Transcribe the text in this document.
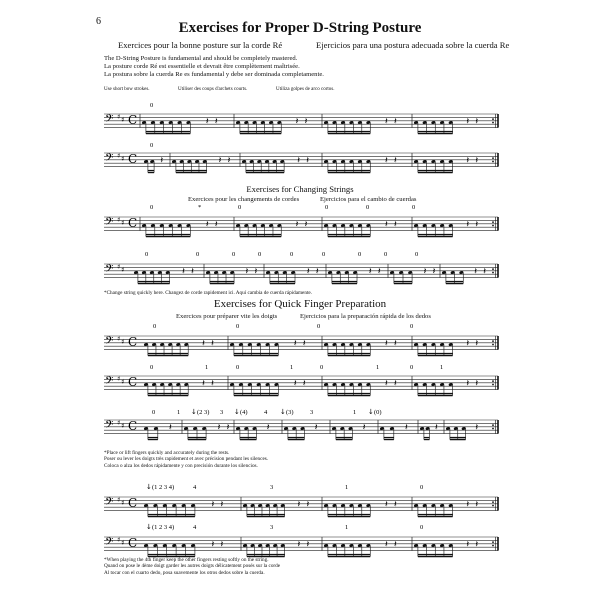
6	Exercises for Proper D-String Posture
Exercices pour la bonne posture sur la corde Ré	Ejercicios para una postura adecuada sobre la cuerda Re
The D-String Posture is fundamental and should be completely mastered.
La posture corde Ré est essentielle et devrait être complètement maîtrisée.
La postura sobre la cuerda Re es fundamental y debe ser dominada completamente.
Use short bow strokes.	Utiliser des coups d'archets courts.	Utiliza golpes de arco cortos.
Exercises for Changing Strings
Exercices pour les changements de cordes	Ejercicios para el cambio de cuerdas
*Change string quickly here. Changez de corde rapidement ici. Aquí cambia de cuerda rápidamente.
Exercises for Quick Finger Preparation
Exercices pour préparer vite les doigts	Ejercicios para la preparación rápida de los dedos
*Place or lift fingers quickly and accurately during the rests.
Poser ou lever les doigts très rapidement et avec précision pendant les silences.
Coloca o alza los dedos rápidamente y con precisión durante los silencios.
*When playing the 4th finger keep the other fingers resting softly on the string.
Quand on pose le 4ème doigt garder les autres doigts délicatement posés sur la corde
Al tocar con el cuarto dedo, posa suavemente los otros dedos sobre la cuerda.
𝄢 ♯ ♯ C	𝄽 𝄽	𝄽 𝄽	𝄽 𝄽	𝄽 𝄽
0
𝄢 ♯ ♯ C	𝄽	𝄽 𝄽	𝄽 𝄽	𝄽 𝄽	𝄽 𝄽
0
𝄢 ♯ ♯ C	𝄽 𝄽	𝄽 𝄽	𝄽 𝄽	𝄽 𝄽
*
0	0	0	0	0
𝄢 ♯ ♯	𝄽 𝄽	𝄽 𝄽	𝄽 𝄽	𝄽 𝄽	𝄽 𝄽	𝄽 𝄽
0	0	0	0	0	0	0	0	0
𝄢 ♯ ♯ C	𝄽 𝄽	𝄽 𝄽	𝄽 𝄽	𝄽 𝄽
0	0	0	0
𝄢 ♯ ♯ C	𝄽 𝄽	𝄽 𝄽	𝄽 𝄽	𝄽 𝄽
0	1	0	1	0	1	0	1
𝄢 ♯ ♯ C	𝄽	𝄽 𝄽	𝄽	𝄽	𝄽	𝄽	𝄽	𝄽
0	1 ↓ (2 3) 3 ↓ (4)	4 ↓ (3)	3	1 ↓ (0)
𝄢 ♯ ♯ C	𝄽 𝄽	𝄽 𝄽	𝄽 𝄽	𝄽 𝄽
↓ (1 2 3 4)	4	3	1	0
𝄢 ♯ ♯ C	𝄽 𝄽	𝄽 𝄽	𝄽 𝄽	𝄽 𝄽
↓ (1 2 3 4)	4	3	1	0
